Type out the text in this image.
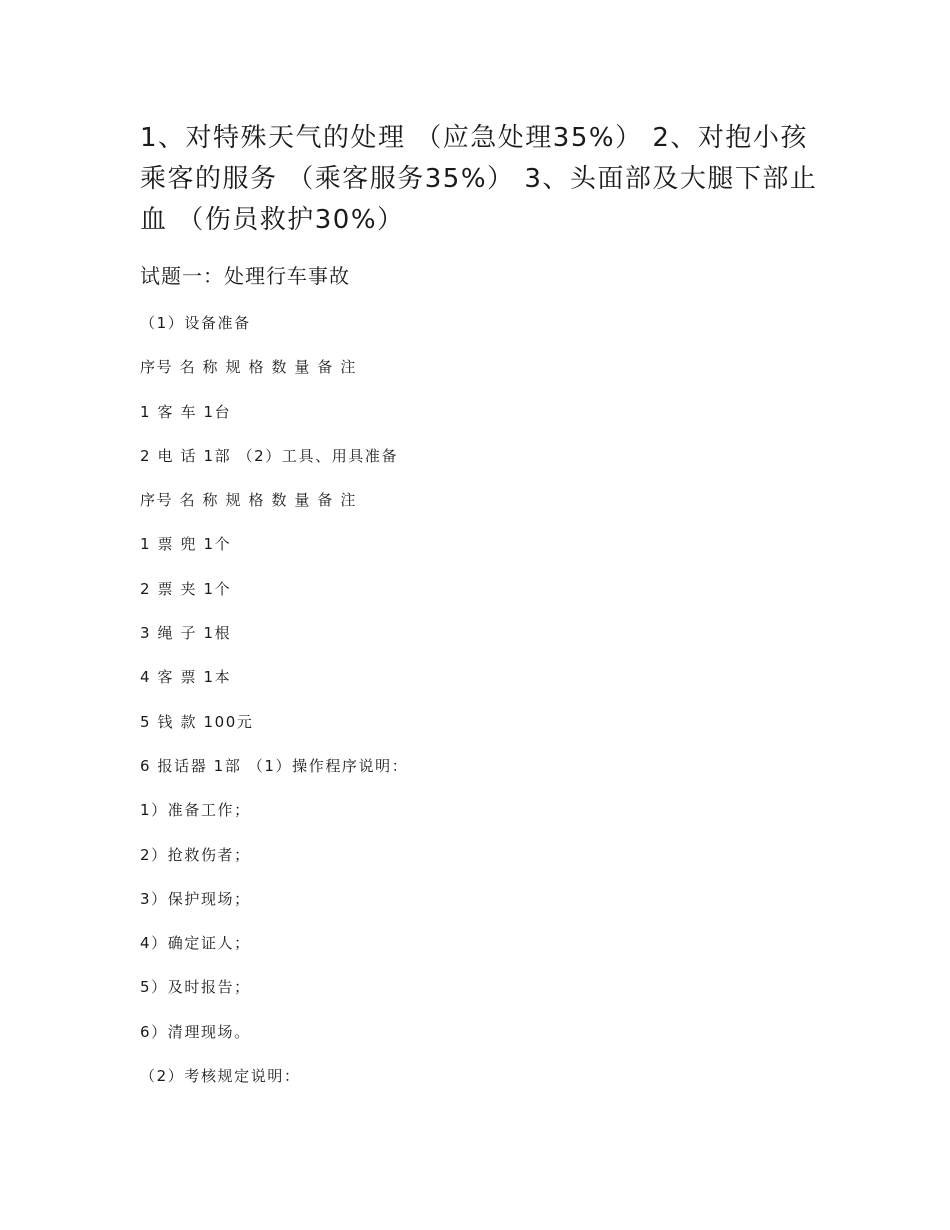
1、对特殊天气的处理 （应急处理35%） 2、对抱小孩乘客的服务 （乘客服务35%） 3、头面部及大腿下部止血 （伤员救护30%）
试题一：处理行车事故
（1）设备准备
序号 名 称 规 格 数 量 备 注
1 客 车 1台
2 电 话 1部 （2）工具、用具准备
序号 名 称 规 格 数 量 备 注
1 票 兜 1个
2 票 夹 1个
3 绳 子 1根
4 客 票 1本
5 钱 款 100元
6 报话器 1部 （1）操作程序说明：
1）准备工作；
2）抢救伤者；
3）保护现场；
4）确定证人；
5）及时报告；
6）清理现场。
（2）考核规定说明：
